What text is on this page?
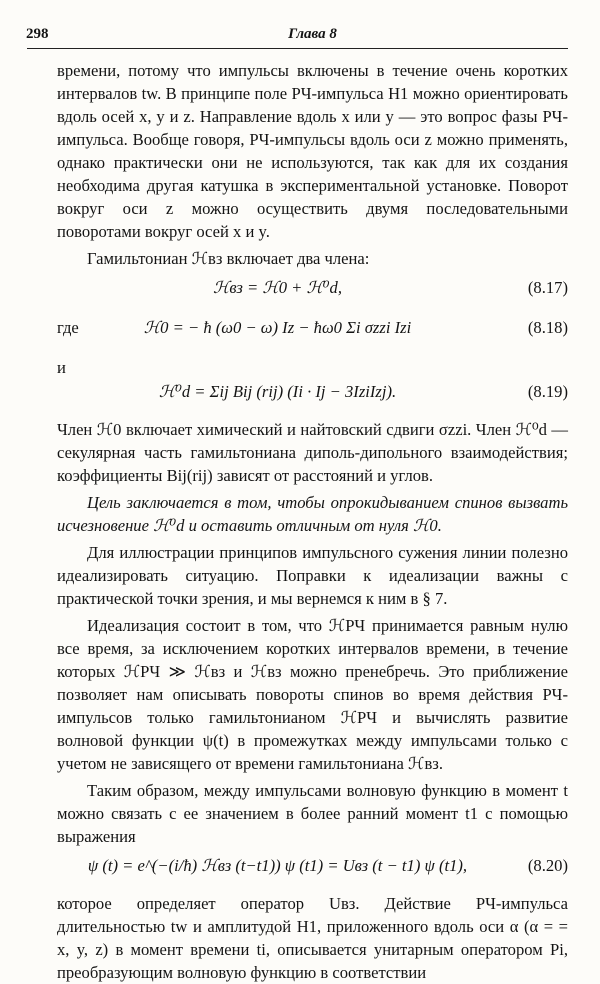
298	Глава 8

времени, потому что импульсы включены в течение очень коротких интервалов tw. В принципе поле РЧ-импульса H1 можно ориентировать вдоль осей x, y и z. Направление вдоль x или y — это вопрос фазы РЧ-импульса. Вообще говоря, РЧ-импульсы вдоль оси z можно применять, однако практически они не используются, так как для их создания необходима другая катушка в экспериментальной установке. Поворот вокруг оси z можно осуществить двумя последовательными поворотами вокруг осей x и y.

Гамильтониан ℋвз включает два члена:

ℋвз = ℋ0 + ℋ⁰d,	(8.17)
где	ℋ0 = − ħ (ω0 − ω) Iz − ħω0 Σi σzzi Izi	(8.18)
и
ℋ⁰d = Σij Bij (rij) (Ii · Ij − 3IziIzj).	(8.19)

Член ℋ0 включает химический и найтовский сдвиги σzzi. Член ℋ⁰d — секулярная часть гамильтониана диполь-дипольного взаимодействия; коэффициенты Bij(rij) зависят от расстояний и углов.

Цель заключается в том, чтобы опрокидыванием спинов вызвать исчезновение ℋ⁰d и оставить отличным от нуля ℋ0.

Для иллюстрации принципов импульсного сужения линии полезно идеализировать ситуацию. Поправки к идеализации важны с практической точки зрения, и мы вернемся к ним в § 7.

Идеализация состоит в том, что ℋРЧ принимается равным нулю все время, за исключением коротких интервалов времени, в течение которых ℋРЧ ≫ ℋвз и ℋвз можно пренебречь. Это приближение позволяет нам описывать повороты спинов во время действия РЧ-импульсов только гамильтонианом ℋРЧ и вычислять развитие волновой функции ψ(t) в промежутках между импульсами только с учетом не зависящего от времени гамильтониана ℋвз.

Таким образом, между импульсами волновую функцию в момент t можно связать с ее значением в более ранний момент t1 с помощью выражения

ψ (t) = e^(−(i/ħ) ℋвз (t−t1)) ψ (t1) = Uвз (t − t1) ψ (t1),	(8.20)

которое определяет оператор Uвз. Действие РЧ-импульса длительностью tw и амплитудой H1, приложенного вдоль оси α (α = = x, y, z) в момент времени ti, описывается унитарным оператором Pi, преобразующим волновую функцию в соответствии
